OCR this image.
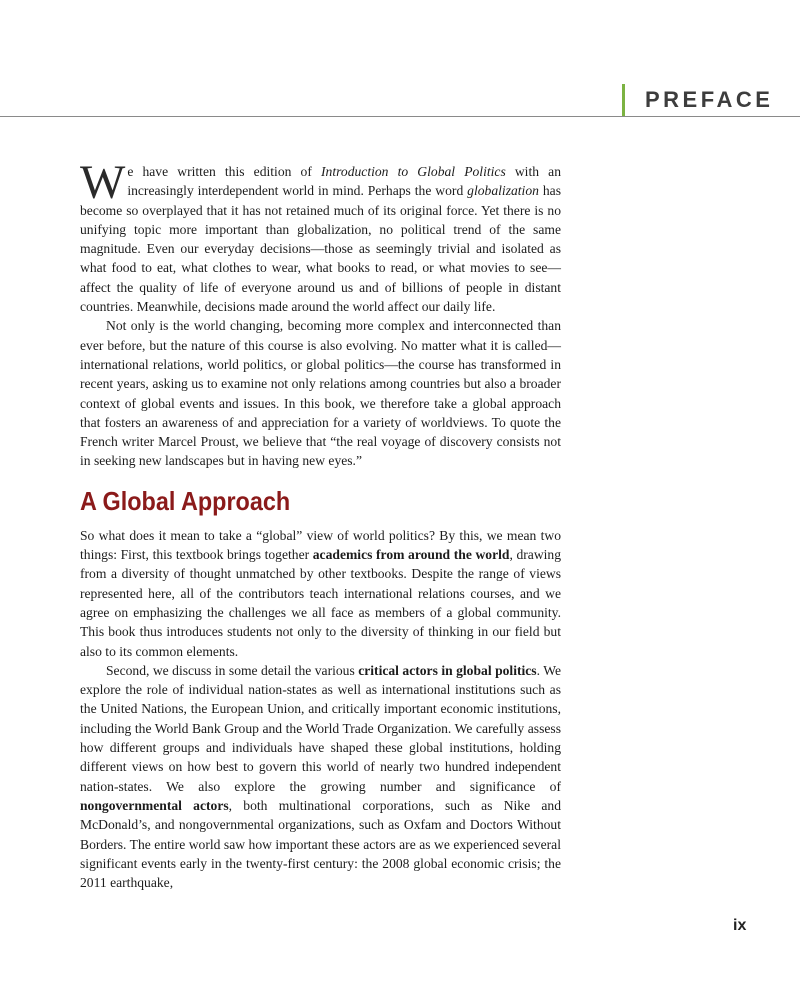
PREFACE

We have written this edition of Introduction to Global Politics with an increasingly interdependent world in mind. Perhaps the word globalization has become so overplayed that it has not retained much of its original force. Yet there is no unifying topic more important than globalization, no political trend of the same magnitude. Even our everyday decisions—those as seemingly trivial and isolated as what food to eat, what clothes to wear, what books to read, or what movies to see—affect the quality of life of everyone around us and of billions of people in distant countries. Meanwhile, decisions made around the world affect our daily life.

Not only is the world changing, becoming more complex and interconnected than ever before, but the nature of this course is also evolving. No matter what it is called—international relations, world politics, or global politics—the course has transformed in recent years, asking us to examine not only relations among countries but also a broader context of global events and issues. In this book, we therefore take a global approach that fosters an awareness of and appreciation for a variety of worldviews. To quote the French writer Marcel Proust, we believe that “the real voyage of discovery consists not in seeking new landscapes but in having new eyes.”

A Global Approach

So what does it mean to take a “global” view of world politics? By this, we mean two things: First, this textbook brings together academics from around the world, drawing from a diversity of thought unmatched by other textbooks. Despite the range of views represented here, all of the contributors teach international relations courses, and we agree on emphasizing the challenges we all face as members of a global community. This book thus introduces students not only to the diversity of thinking in our field but also to its common elements.

Second, we discuss in some detail the various critical actors in global politics. We explore the role of individual nation-states as well as international institutions such as the United Nations, the European Union, and critically important economic institutions, including the World Bank Group and the World Trade Organization. We carefully assess how different groups and individuals have shaped these global institutions, holding different views on how best to govern this world of nearly two hundred independent nation-states. We also explore the growing number and significance of nongovernmental actors, both multinational corporations, such as Nike and McDonald’s, and nongovernmental organizations, such as Oxfam and Doctors Without Borders. The entire world saw how important these actors are as we experienced several significant events early in the twenty-first century: the 2008 global economic crisis; the 2011 earthquake,

ix
